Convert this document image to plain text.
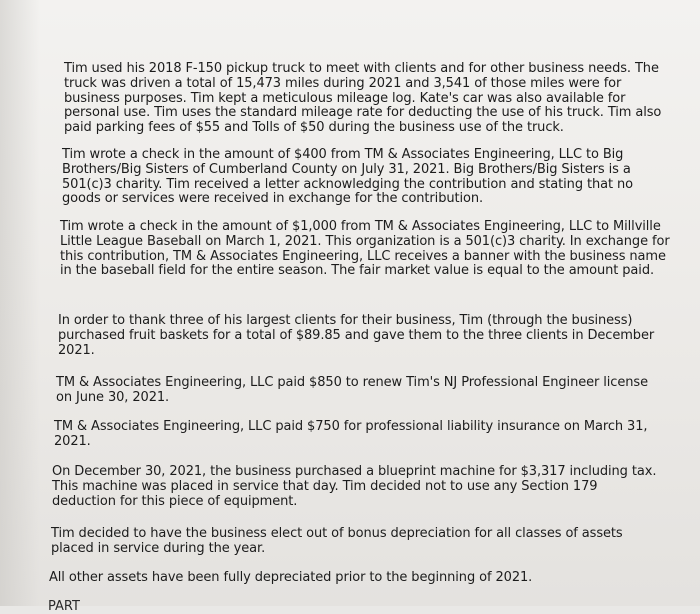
Tim used his 2018 F-150 pickup truck to meet with clients and for other business needs. The truck was driven a total of 15,473 miles during 2021 and 3,541 of those miles were for business purposes. Tim kept a meticulous mileage log. Kate's car was also available for personal use. Tim uses the standard mileage rate for deducting the use of his truck. Tim also paid parking fees of $55 and Tolls of $50 during the business use of the truck.
Tim wrote a check in the amount of $400 from TM & Associates Engineering, LLC to Big Brothers/Big Sisters of Cumberland County on July 31, 2021. Big Brothers/Big Sisters is a 501(c)3 charity. Tim received a letter acknowledging the contribution and stating that no goods or services were received in exchange for the contribution.
Tim wrote a check in the amount of $1,000 from TM & Associates Engineering, LLC to Millville Little League Baseball on March 1, 2021. This organization is a 501(c)3 charity. In exchange for this contribution, TM & Associates Engineering, LLC receives a banner with the business name in the baseball field for the entire season. The fair market value is equal to the amount paid.
In order to thank three of his largest clients for their business, Tim (through the business) purchased fruit baskets for a total of $89.85 and gave them to the three clients in December 2021.
TM & Associates Engineering, LLC paid $850 to renew Tim's NJ Professional Engineer license on June 30, 2021.
TM & Associates Engineering, LLC paid $750 for professional liability insurance on March 31, 2021.
On December 30, 2021, the business purchased a blueprint machine for $3,317 including tax. This machine was placed in service that day. Tim decided not to use any Section 179 deduction for this piece of equipment.
Tim decided to have the business elect out of bonus depreciation for all classes of assets placed in service during the year.
All other assets have been fully depreciated prior to the beginning of 2021.
PART
